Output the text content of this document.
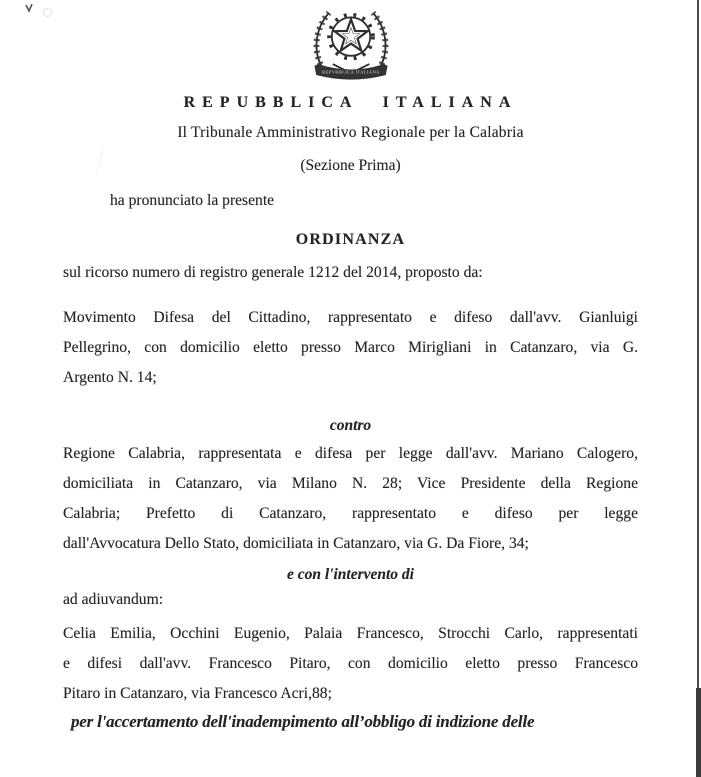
REPVBBLICA ITALIANA
REPUBBLICA ITALIANA
Il Tribunale Amministrativo Regionale per la Calabria
(Sezione Prima)
ha pronunciato la presente
ORDINANZA
sul ricorso numero di registro generale 1212 del 2014, proposto da:
Movimento Difesa del Cittadino, rappresentato e difeso dall'avv. Gianluigi
Pellegrino, con domicilio eletto presso Marco Mirigliani in Catanzaro, via G.
Argento N. 14;
contro
Regione Calabria, rappresentata e difesa per legge dall'avv. Mariano Calogero,
domiciliata in Catanzaro, via Milano N. 28; Vice Presidente della Regione
Calabria; Prefetto di Catanzaro, rappresentato e difeso per legge
dall'Avvocatura Dello Stato, domiciliata in Catanzaro, via G. Da Fiore, 34;
e con l'intervento di
ad adiuvandum:
Celia Emilia, Occhini Eugenio, Palaia Francesco, Strocchi Carlo, rappresentati
e difesi dall'avv. Francesco Pitaro, con domicilio eletto presso Francesco
Pitaro in Catanzaro, via Francesco Acri,88;
per l'accertamento dell'inadempimento all’obbligo di indizione delle
